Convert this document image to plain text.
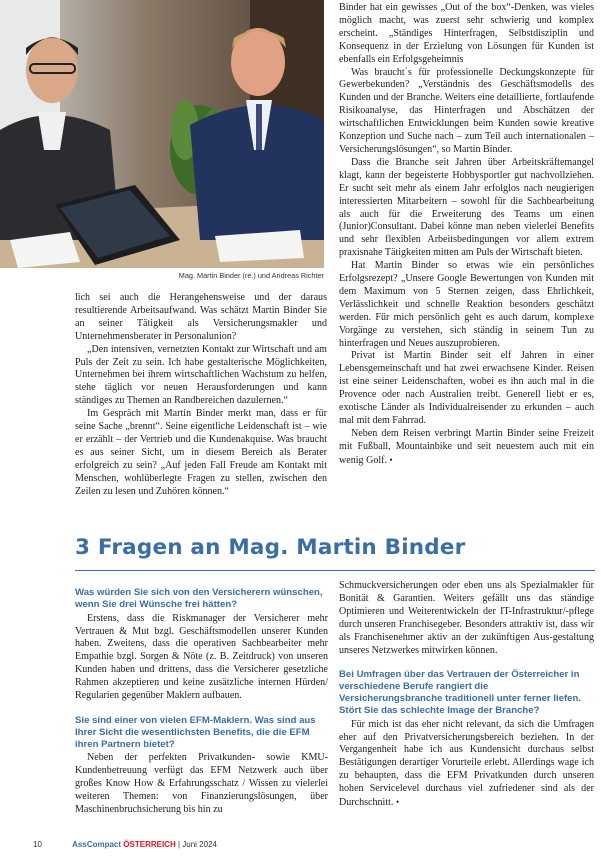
Mag. Martin Binder (re.) und Andreas Richter

Binder hat ein gewisses „Out of the box“-Denken, was vieles möglich macht, was zuerst sehr schwierig und komplex erscheint. „Ständiges Hinterfragen, Selbstdisziplin und Konsequenz in der Erzielung von Lösungen für Kunden ist ebenfalls ein Erfolgsgeheimnis

Was braucht´s für professionelle Deckungskonzepte für Gewerbekunden? „Verständnis des Geschäftsmodells des Kunden und der Branche. Weiters eine detaillierte, fortlaufende Risikoanalyse, das Hinterfragen und Abschätzen der wirtschaftlichen Entwicklungen beim Kunden sowie kreative Konzeption und Suche nach – zum Teil auch internationalen – Versicherungslösungen“, so Martin Binder.

Dass die Branche seit Jahren über Arbeitskräftemangel klagt, kann der begeisterte Hobbysportler gut nachvollziehen. Er sucht seit mehr als einem Jahr erfolglos nach neugierigen interessierten Mitarbeitern – sowohl für die Sachbearbeitung als auch für die Erweiterung des Teams um einen (Junior)Consultant. Dabei könne man neben vielerlei Benefits und sehr flexiblen Arbeitsbedingungen vor allem extrem praxisnahe Tätigkeiten mitten am Puls der Wirtschaft bieten.

Hat Martin Binder so etwas wie ein persönliches Erfolgsrezept? „Unsere Google Bewertungen von Kunden mit dem Maximum von 5 Sternen zeigen, dass Ehrlichkeit, Verlässlichkeit und schnelle Reaktion besonders geschätzt werden. Für mich persönlich geht es auch darum, komplexe Vorgänge zu verstehen, sich ständig in seinem Tun zu hinterfragen und Neues auszuprobieren.

Privat ist Martin Binder seit elf Jahren in einer Lebensgemeinschaft und hat zwei erwachsene Kinder. Reisen ist eine seiner Leidenschaften, wobei es ihn auch mal in die Provence oder nach Australien treibt. Generell liebt er es, exotische Länder als Individualreisender zu erkunden – auch mal mit dem Fahrrad.

Neben dem Reisen verbringt Martin Binder seine Freizeit mit Fußball, Mountainbike und seit neuestem auch mit ein wenig Golf. •

lich sei auch die Herangehensweise und der daraus resultierende Arbeitsaufwand. Was schätzt Martin Binder Sie an seiner Tätigkeit als Versicherungsmakler und Unternehmensberater in Personalunion?

„Den intensiven, vernetzten Kontakt zur Wirtschaft und am Puls der Zeit zu sein. Ich habe gestalterische Möglichkeiten, Unternehmen bei ihrem wirtschaftlichen Wachstum zu helfen, stehe täglich vor neuen Herausforderungen und kann ständiges zu Themen an Randbereichen dazulernen.“

Im Gespräch mit Martin Binder merkt man, dass er für seine Sache „brennt“. Seine eigentliche Leidenschaft ist – wie er erzählt – der Vertrieb und die Kundenakquise. Was braucht es aus seiner Sicht, um in diesem Bereich als Berater erfolgreich zu sein? „Auf jeden Fall Freude am Kontakt mit Menschen, wohlüberlegte Fragen zu stellen, zwischen den Zeilen zu lesen und Zuhören können.“

3 Fragen an Mag. Martin Binder
Was würden Sie sich von den Versicherern wünschen, wenn Sie drei Wünsche frei hätten?

Erstens, dass die Riskmanager der Versicherer mehr Vertrauen & Mut bzgl. Geschäftsmodellen unserer Kunden haben. Zweitens, dass die operativen Sachbearbeiter mehr Empathie bzgl. Sorgen & Nöte (z. B. Zeitdruck) von unseren Kunden haben und drittens, dass die Versicherer gesetzliche Rahmen akzeptieren und keine zusätzliche internen Hürden/ Regularien gegenüber Maklern aufbauen.

Sie sind einer von vielen EFM-Maklern. Was sind aus Ihrer Sicht die wesentlichsten Benefits, die die EFM ihren Partnern bietet?

Neben der perfekten Privatkunden- sowie KMU-Kundenbetreuung verfügt das EFM Netzwerk auch über großes Know How & Erfahrungsschatz / Wissen zu vielerlei weiteren Themen: von Finanzierungslösungen, über Maschinenbruchsicherung bis hin zu

Schmuckversicherungen oder eben uns als Spezialmakler für Bonität & Garantien. Weiters gefällt uns das ständige Optimieren und Weiterentwickeln der IT-Infrastruktur/-pflege durch unseren Franchisegeber. Besonders attraktiv ist, dass wir als Franchisenehmer aktiv an der zukünftigen Aus-gestaltung unseres Netzwerkes mitwirken können.

Bei Umfragen über das Vertrauen der Österreicher in verschiedene Berufe rangiert die Versicherungsbranche traditionell unter ferner liefen. Stört Sie das schlechte Image der Branche?

Für mich ist das eher nicht relevant, da sich die Umfragen eher auf den Privatversicherungsbereich beziehen. In der Vergangenheit habe ich aus Kundensicht durchaus selbst Bestätigungen derartiger Vorurteile erlebt. Allerdings wage ich zu behaupten, dass die EFM Privatkunden durch unseren hohen Servicelevel durchaus viel zufriedener sind als der Durchschnitt. •

10	AssCompact ÖSTERREICH | Juni 2024
